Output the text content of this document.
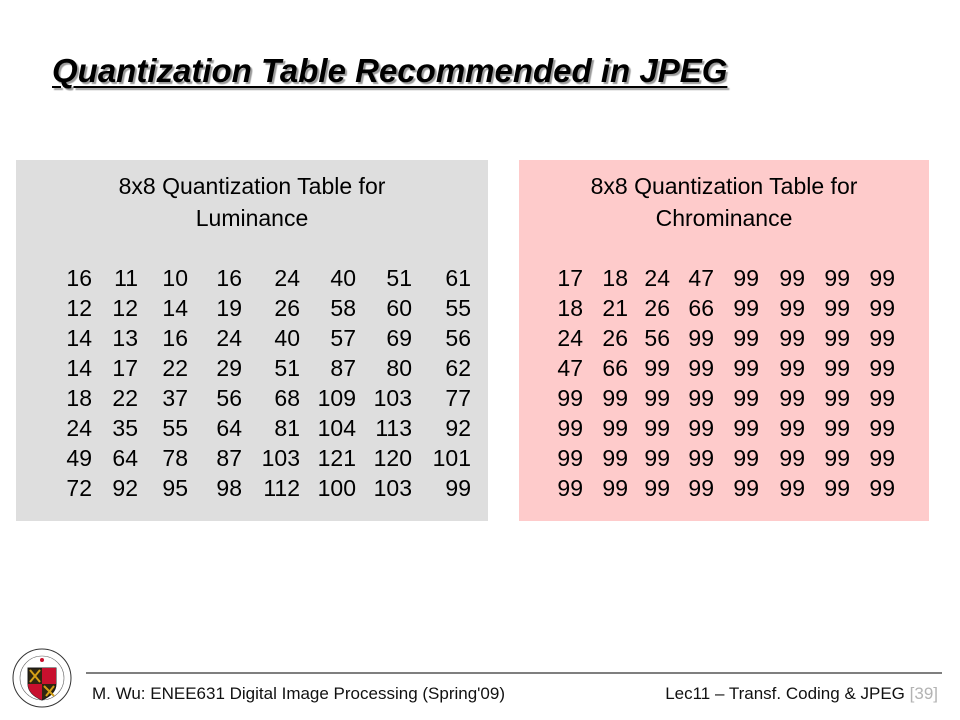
Quantization Table Recommended in JPEG
8x8 Quantization Table for
Luminance
16 11	10	16	24	40	51	61
12 12	14	19	26	58	60	55
14 13	16	24	40	57	69	56
14 17	22	29	51	87	80	62
18 22	37	56	68 109 103	77
24 35	55	64	81 104 113	92
49 64	78	87 103 121 120 101
72 92	95	98 112 100 103	99
8x8 Quantization Table for
Chrominance
17 18 24 47 99 99 99 99
18 21 26 66 99 99 99 99
24 26 56 99 99 99 99 99
47 66 99 99 99 99 99 99
99 99 99 99 99 99 99 99
99 99 99 99 99 99 99 99
99 99 99 99 99 99 99 99
99 99 99 99 99 99 99 99
M. Wu: ENEE631 Digital Image Processing (Spring'09)	Lec11 – Transf. Coding & JPEG [39]
